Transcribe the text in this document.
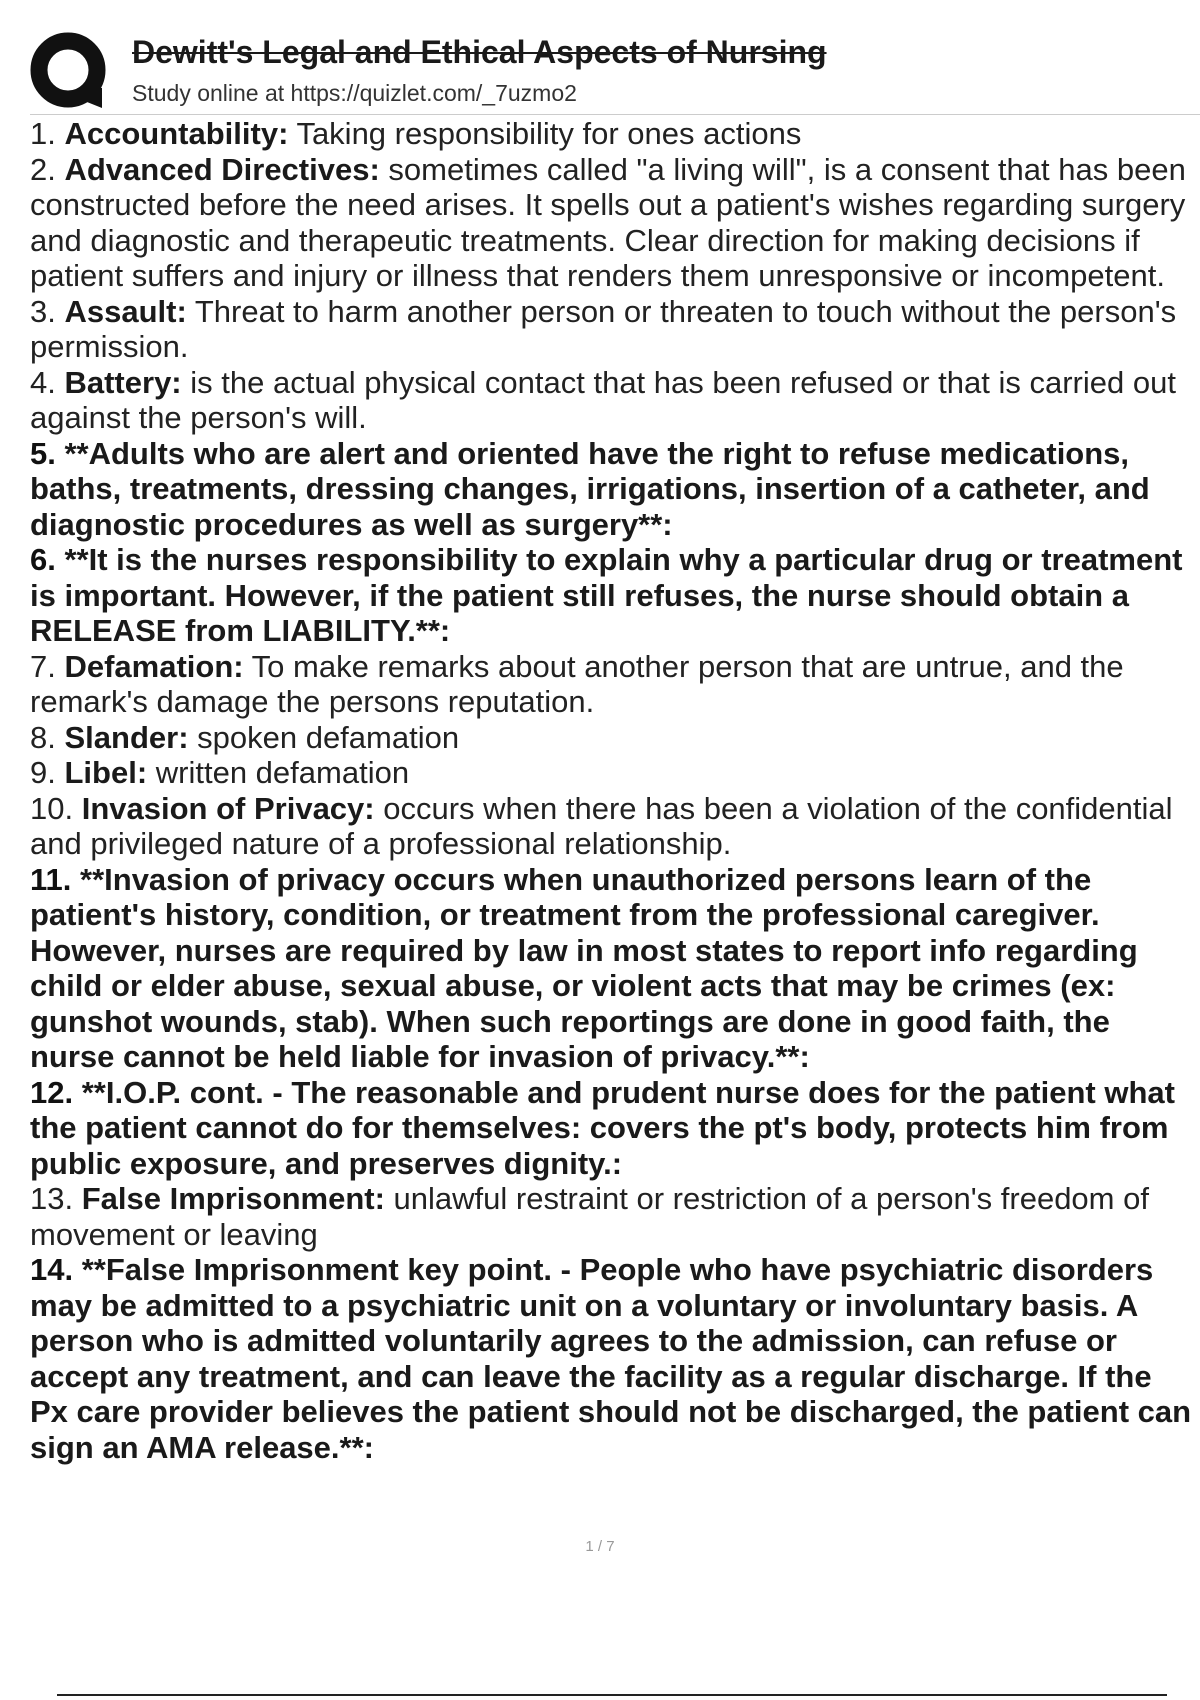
Dewitt's Legal and Ethical Aspects of Nursing
Study online at https://quizlet.com/_7uzmo2

1. Accountability: Taking responsibility for ones actions

2. Advanced Directives: sometimes called "a living will", is a consent that has been constructed before the need arises. It spells out a patient's wishes regarding surgery and diagnostic and therapeutic treatments. Clear direction for making decisions if patient suffers and injury or illness that renders them unresponsive or incompetent.

3. Assault: Threat to harm another person or threaten to touch without the person's permission.

4. Battery: is the actual physical contact that has been refused or that is carried out against the person's will.

5. **Adults who are alert and oriented have the right to refuse medications, baths, treatments, dressing changes, irrigations, insertion of a catheter, and diagnostic procedures as well as surgery**:

6. **It is the nurses responsibility to explain why a particular drug or treatment is important. However, if the patient still refuses, the nurse should obtain a RELEASE from LIABILITY.**:

7. Defamation: To make remarks about another person that are untrue, and the remark's damage the persons reputation.

8. Slander: spoken defamation

9. Libel: written defamation

10. Invasion of Privacy: occurs when there has been a violation of the confidential and privileged nature of a professional relationship.

11. **Invasion of privacy occurs when unauthorized persons learn of the patient's history, condition, or treatment from the professional caregiver. However, nurses are required by law in most states to report info regarding child or elder abuse, sexual abuse, or violent acts that may be crimes (ex: gunshot wounds, stab). When such reportings are done in good faith, the nurse cannot be held liable for invasion of privacy.**:

12. **I.O.P. cont. - The reasonable and prudent nurse does for the patient what the patient cannot do for themselves: covers the pt's body, protects him from public exposure, and preserves dignity.:

13. False Imprisonment: unlawful restraint or restriction of a person's freedom of movement or leaving

14. **False Imprisonment key point. - People who have psychiatric disorders may be admitted to a psychiatric unit on a voluntary or involuntary basis. A person who is admitted voluntarily agrees to the admission, can refuse or accept any treatment, and can leave the facility as a regular discharge. If the Px care provider believes the patient should not be discharged, the patient can sign an AMA release.**:

1 / 7
